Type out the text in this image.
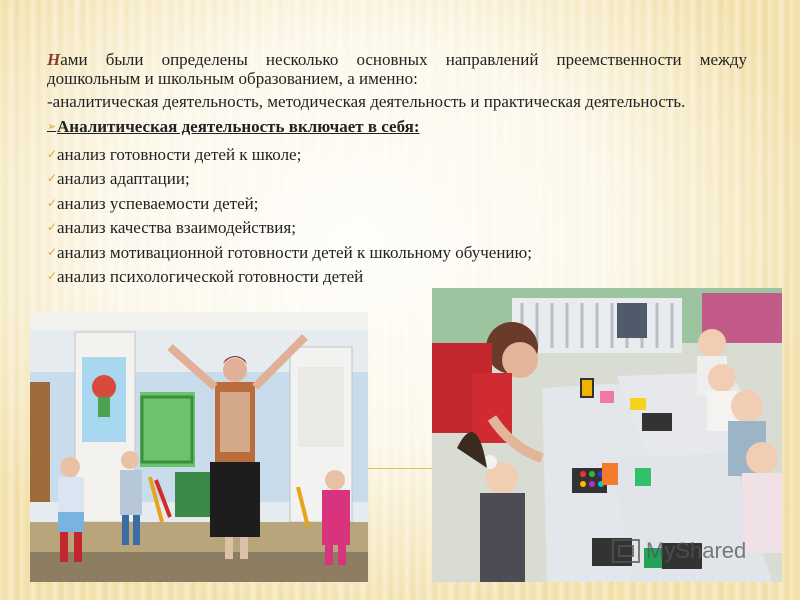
Нами были определены несколько основных направлений преемственности между дошкольным и школьным образованием, а именно:

-аналитическая деятельность, методическая деятельность и практическая деятельность.

➢ Аналитическая деятельность включает в себя:
✓ анализ готовности детей к школе;
✓ анализ адаптации;
✓ анализ успеваемости детей;
✓ анализ качества взаимодействия;
✓ анализ мотивационной готовности детей к школьному обучению;
✓ анализ психологической готовности детей
MyShared
